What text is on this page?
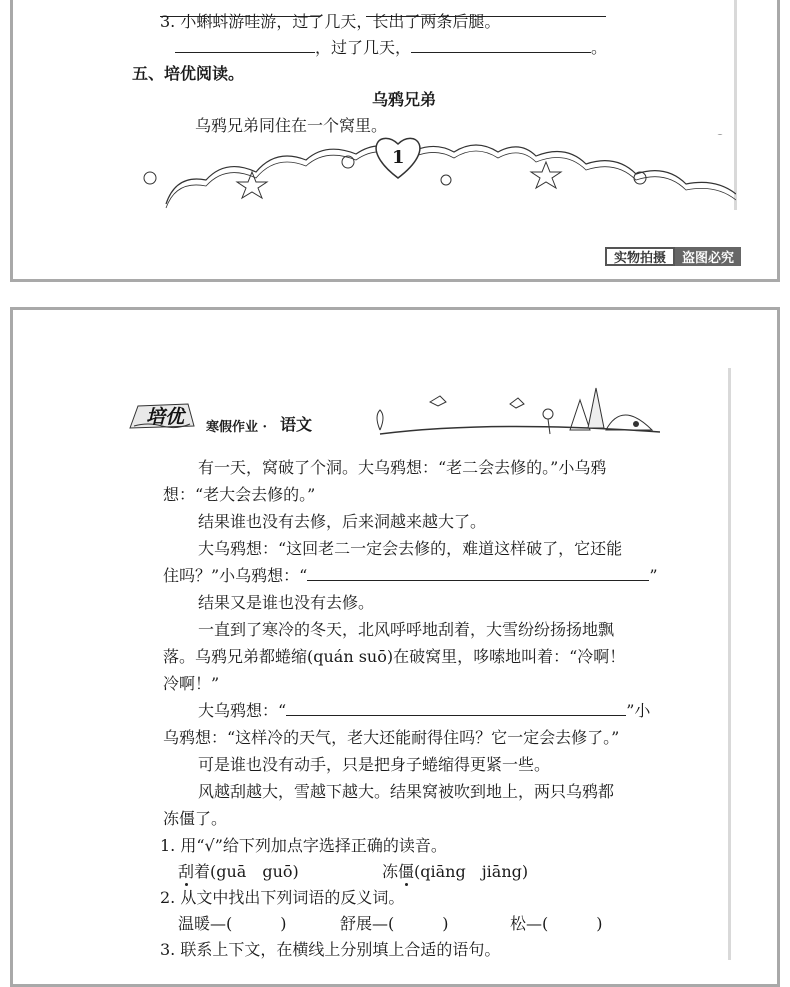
3. 小蝌蚪游哇游，过了几天，长出了两条后腿。
，过了几天，	。
五、培优阅读。
乌鸦兄弟
乌鸦兄弟同住在一个窝里。
1
实物拍摄	盗图必究
培优 寒假作业 · 语文
有一天，窝破了个洞。大乌鸦想：“老二会去修的。”小乌鸦
想：“老大会去修的。”
结果谁也没有去修，后来洞越来越大了。
大乌鸦想：“这回老二一定会去修的，难道这样破了，它还能
住吗？”小乌鸦想：“	”
结果又是谁也没有去修。
一直到了寒冷的冬天，北风呼呼地刮着，大雪纷纷扬扬地飘
落。乌鸦兄弟都蜷缩(quán suō)在破窝里，哆嗦地叫着：“冷啊！
冷啊！”
大乌鸦想：“	”小
乌鸦想：“这样冷的天气，老大还能耐得住吗？它一定会去修了。”
可是谁也没有动手，只是把身子蜷缩得更紧一些。
风越刮越大，雪越下越大。结果窝被吹到地上，两只乌鸦都
冻僵了。
1. 用“√”给下列加点字选择正确的读音。
刮着(guā　guō)	冻僵(qiāng　jiāng)
2. 从文中找出下列词语的反义词。
温暖—(　　　)	舒展—(　　　)	松—(　　　)
3. 联系上下文，在横线上分别填上合适的语句。
